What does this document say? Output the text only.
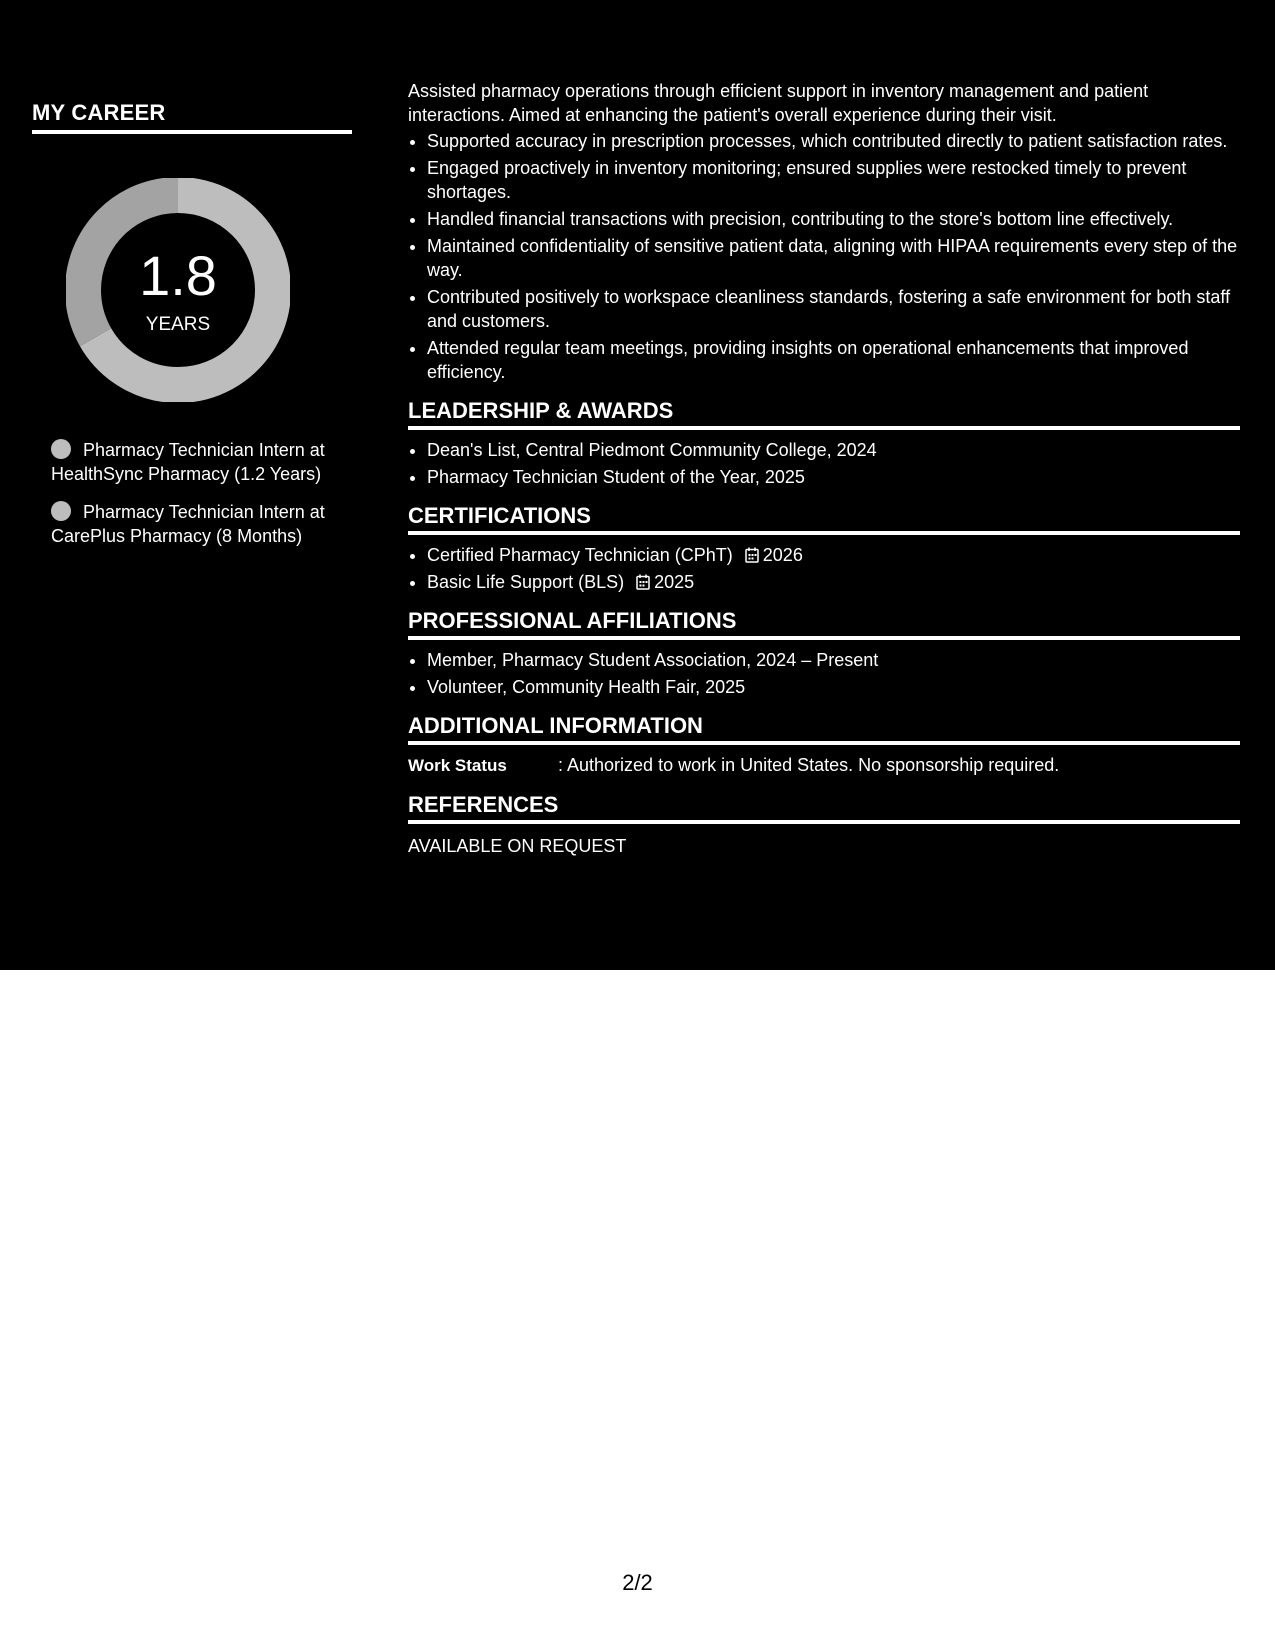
MY CAREER
1.8
YEARS
Pharmacy Technician Intern at HealthSync Pharmacy (1.2 Years)
Pharmacy Technician Intern at CarePlus Pharmacy (8 Months)

Assisted pharmacy operations through efficient support in inventory management and patient interactions. Aimed at enhancing the patient's overall experience during their visit.

• Supported accuracy in prescription processes, which contributed directly to patient satisfaction rates.
• Engaged proactively in inventory monitoring; ensured supplies were restocked timely to prevent shortages.
• Handled financial transactions with precision, contributing to the store's bottom line effectively.
• Maintained confidentiality of sensitive patient data, aligning with HIPAA requirements every step of the way.
• Contributed positively to workspace cleanliness standards, fostering a safe environment for both staff and customers.
• Attended regular team meetings, providing insights on operational enhancements that improved efficiency.
LEADERSHIP & AWARDS
• Dean's List, Central Piedmont Community College, 2024
• Pharmacy Technician Student of the Year, 2025
CERTIFICATIONS
• Certified Pharmacy Technician (CPhT) 2026
• Basic Life Support (BLS) 2025
PROFESSIONAL AFFILIATIONS
• Member, Pharmacy Student Association, 2024 – Present
• Volunteer, Community Health Fair, 2025
ADDITIONAL INFORMATION
Work Status	: Authorized to work in United States. No sponsorship required.
REFERENCES
AVAILABLE ON REQUEST
2/2
